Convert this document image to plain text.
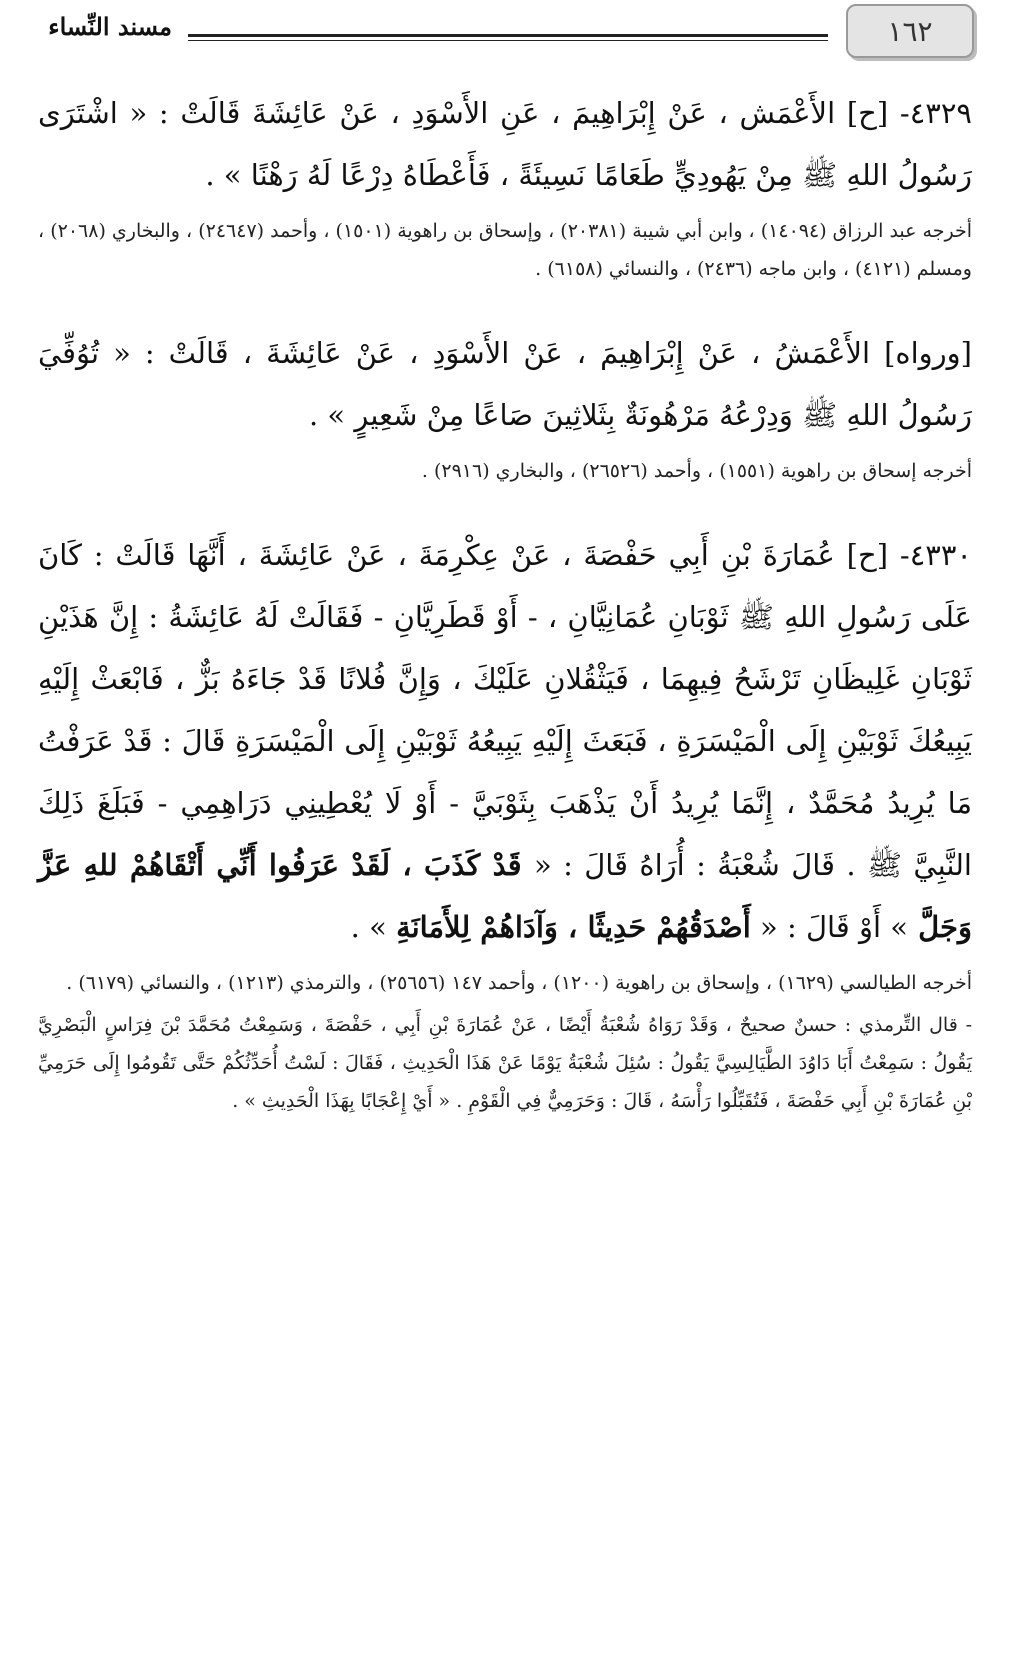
١٦٢
مسند النِّساء

٤٣٢٩- [ح] الأَعْمَش ، عَنْ إِبْرَاهِيمَ ، عَنِ الأَسْوَدِ ، عَنْ عَائِشَةَ قَالَتْ : « اشْتَرَى رَسُولُ اللهِ ﷺ مِنْ يَهُودِيٍّ طَعَامًا نَسِيئَةً ، فَأَعْطَاهُ دِرْعًا لَهُ رَهْنًا » .

أخرجه عبد الرزاق (١٤٠٩٤) ، وابن أبي شيبة (٢٠٣٨١) ، وإسحاق بن راهوية (١٥٠١) ، وأحمد (٢٤٦٤٧) ، والبخاري (٢٠٦٨) ، ومسلم (٤١٢١) ، وابن ماجه (٢٤٣٦) ، والنسائي (٦١٥٨) .

[ورواه] الأَعْمَشُ ، عَنْ إِبْرَاهِيمَ ، عَنْ الأَسْوَدِ ، عَنْ عَائِشَةَ ، قَالَتْ : « تُوُفِّيَ رَسُولُ اللهِ ﷺ وَدِرْعُهُ مَرْهُونَةٌ بِثَلاثِينَ صَاعًا مِنْ شَعِيرٍ » .

أخرجه إسحاق بن راهوية (١٥٥١) ، وأحمد (٢٦٥٢٦) ، والبخاري (٢٩١٦) .

٤٣٣٠- [ح] عُمَارَةَ بْنِ أَبِي حَفْصَةَ ، عَنْ عِكْرِمَةَ ، عَنْ عَائِشَةَ ، أَنَّهَا قَالَتْ : كَانَ عَلَى رَسُولِ اللهِ ﷺ ثَوْبَانِ عُمَانِيَّانِ ، - أَوْ قَطَرِيَّانِ - فَقَالَتْ لَهُ عَائِشَةُ : إِنَّ هَذَيْنِ ثَوْبَانِ غَلِيظَانِ تَرْشَحُ فِيهِمَا ، فَيَثْقُلانِ عَلَيْكَ ، وَإِنَّ فُلانًا قَدْ جَاءَهُ بَزٌّ ، فَابْعَثْ إِلَيْهِ يَبِيعُكَ ثَوْبَيْنِ إِلَى الْمَيْسَرَةِ ، فَبَعَثَ إِلَيْهِ يَبِيعُهُ ثَوْبَيْنِ إِلَى الْمَيْسَرَةِ قَالَ : قَدْ عَرَفْتُ مَا يُرِيدُ مُحَمَّدٌ ، إِنَّمَا يُرِيدُ أَنْ يَذْهَبَ بِثَوْبَيَّ - أَوْ لَا يُعْطِينِي دَرَاهِمِي - فَبَلَغَ ذَلِكَ النَّبِيَّ ﷺ . قَالَ شُعْبَةُ : أُرَاهُ قَالَ : « قَدْ كَذَبَ ، لَقَدْ عَرَفُوا أَنِّي أَتْقَاهُمْ للهِ عَزَّ وَجَلَّ » أَوْ قَالَ : « أَصْدَقُهُمْ حَدِيثًا ، وَآدَاهُمْ لِلأَمَانَةِ » .

أخرجه الطيالسي (١٦٢٩) ، وإسحاق بن راهوية (١٢٠٠) ، وأحمد ١٤٧ (٢٥٦٥٦) ، والترمذي (١٢١٣) ، والنسائي (٦١٧٩) .

- قال التِّرمذي : حسنٌ صحيحٌ ، وَقَدْ رَوَاهُ شُعْبَةُ أَيْضًا ، عَنْ عُمَارَةَ بْنِ أَبِي ، حَفْصَةَ ، وَسَمِعْتُ مُحَمَّدَ بْنَ فِرَاسٍ الْبَصْرِيَّ يَقُولُ : سَمِعْتُ أَبَا دَاوُدَ الطَّيَالِسِيَّ يَقُولُ : سُئِلَ شُعْبَةُ يَوْمًا عَنْ هَذَا الْحَدِيثِ ، فَقَالَ : لَسْتُ أُحَدِّثُكُمْ حَتَّى تَقُومُوا إِلَى حَرَمِيِّ بْنِ عُمَارَةَ بْنِ أَبِي حَفْصَةَ ، فَتُقَبِّلُوا رَأْسَهُ ، قَالَ : وَحَرَمِيٌّ فِي الْقَوْمِ . « أَيْ إِعْجَابًا بِهَذَا الْحَدِيثِ » .
